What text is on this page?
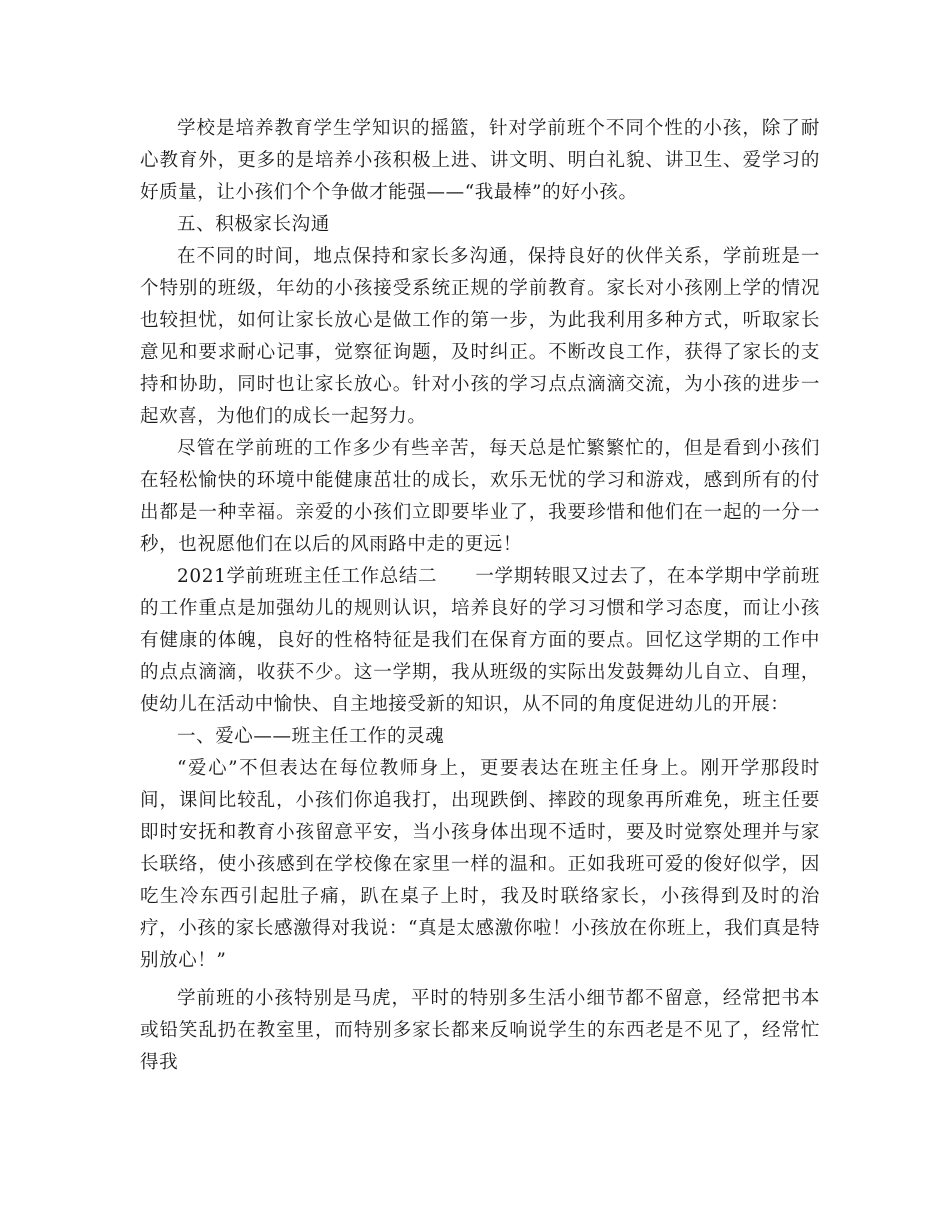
学校是培养教育学生学知识的摇篮，针对学前班个不同个性的小孩，除了耐心教育外，更多的是培养小孩积极上进、讲文明、明白礼貌、讲卫生、爱学习的好质量，让小孩们个个争做才能强——“我最棒”的好小孩。

五、积极家长沟通

在不同的时间，地点保持和家长多沟通，保持良好的伙伴关系，学前班是一个特别的班级，年幼的小孩接受系统正规的学前教育。家长对小孩刚上学的情况也较担忧，如何让家长放心是做工作的第一步，为此我利用多种方式，听取家长意见和要求耐心记事，觉察征询题，及时纠正。不断改良工作，获得了家长的支持和协助，同时也让家长放心。针对小孩的学习点点滴滴交流，为小孩的进步一起欢喜，为他们的成长一起努力。

尽管在学前班的工作多少有些辛苦，每天总是忙繁繁忙的，但是看到小孩们在轻松愉快的环境中能健康茁壮的成长，欢乐无忧的学习和游戏，感到所有的付出都是一种幸福。亲爱的小孩们立即要毕业了，我要珍惜和他们在一起的一分一秒，也祝愿他们在以后的风雨路中走的更远！

2021学前班班主任工作总结二　　一学期转眼又过去了，在本学期中学前班的工作重点是加强幼儿的规则认识，培养良好的学习习惯和学习态度，而让小孩有健康的体魄，良好的性格特征是我们在保育方面的要点。回忆这学期的工作中的点点滴滴，收获不少。这一学期，我从班级的实际出发鼓舞幼儿自立、自理，使幼儿在活动中愉快、自主地接受新的知识，从不同的角度促进幼儿的开展：

一、爱心——班主任工作的灵魂

“爱心”不但表达在每位教师身上，更要表达在班主任身上。刚开学那段时间，课间比较乱，小孩们你追我打，出现跌倒、摔跤的现象再所难免，班主任要即时安抚和教育小孩留意平安，当小孩身体出现不适时，要及时觉察处理并与家长联络，使小孩感到在学校像在家里一样的温和。正如我班可爱的俊好似学，因吃生冷东西引起肚子痛，趴在桌子上时，我及时联络家长，小孩得到及时的治疗，小孩的家长感激得对我说：“真是太感激你啦！小孩放在你班上，我们真是特别放心！”

学前班的小孩特别是马虎，平时的特别多生活小细节都不留意，经常把书本或铅笑乱扔在教室里，而特别多家长都来反响说学生的东西老是不见了，经常忙得我
